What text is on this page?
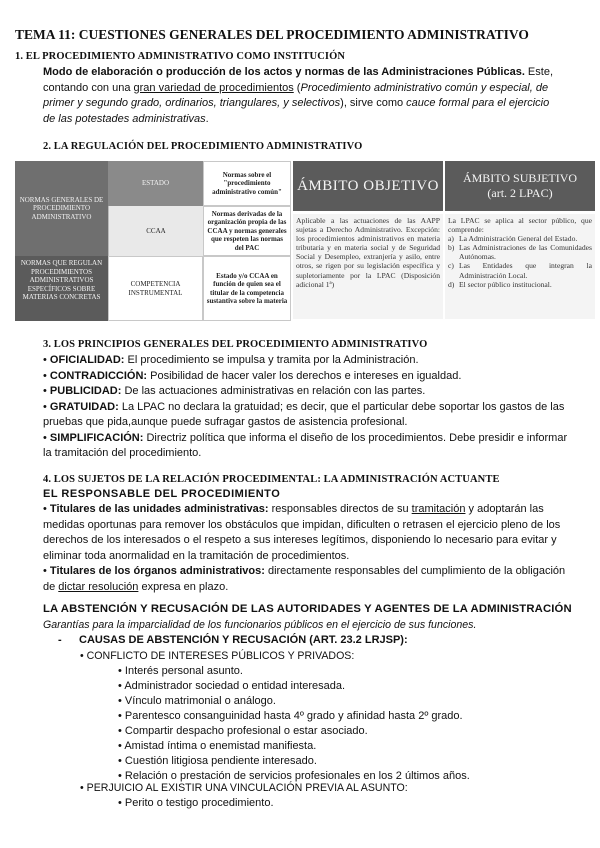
TEMA 11: CUESTIONES GENERALES DEL PROCEDIMIENTO ADMINISTRATIVO
1. EL PROCEDIMIENTO ADMINISTRATIVO COMO INSTITUCIÓN
Modo de elaboración o producción de los actos y normas de las Administraciones Públicas. Este, contando con una gran variedad de procedimientos (Procedimiento administrativo común y especial, de primer y segundo grado, ordinarios, triangulares, y selectivos), sirve como cauce formal para el ejercicio de las potestades administrativas.
2. LA REGULACIÓN DEL PROCEDIMIENTO ADMINISTRATIVO
NORMAS GENERALES DE PROCEDIMIENTO ADMINISTRATIVO
NORMAS QUE REGULAN PROCEDIMIENTOS ADMINISTRATIVOS ESPECÍFICOS SOBRE MATERIAS CONCRETAS
ESTADO
CCAA
COMPETENCIA INSTRUMENTAL
Normas sobre el "procedimiento administrativo común"
Normas derivadas de la organización propia de las CCAA y normas generales que respeten las normas del PAC
Estado y/o CCAA en función de quien sea el titular de la competencia sustantiva sobre la materia
ÁMBITO OBJETIVO ÁMBITO SUBJETIVO
(art. 2 LPAC)
Aplicable a las actuaciones de las AAPP sujetas a Derecho Administrativo. Excepción: los procedimientos administrativos en materia tributaria y en materia social y de Seguridad Social y Desempleo, extranjería y asilo, entre otros, se rigen por su legislación específica y supletoriamente por la LPAC (Disposición adicional 1ª)
La LPAC se aplica al sector público, que comprende:
a) La Administración General del Estado.
b) Las Administraciones de las Comunidades Autónomas.
c) Las Entidades que integran la Administración Local.
d) El sector público institucional.
3. LOS PRINCIPIOS GENERALES DEL PROCEDIMIENTO ADMINISTRATIVO
• OFICIALIDAD: El procedimiento se impulsa y tramita por la Administración.
• CONTRADICCIÓN: Posibilidad de hacer valer los derechos e intereses en igualdad.
• PUBLICIDAD: De las actuaciones administrativas en relación con las partes.
• GRATUIDAD: La LPAC no declara la gratuidad; es decir, que el particular debe soportar los gastos de las pruebas que pida,aunque puede sufragar gastos de asistencia profesional.
• SIMPLIFICACIÓN: Directriz política que informa el diseño de los procedimientos. Debe presidir e informar la tramitación del procedimiento.
4. LOS SUJETOS DE LA RELACIÓN PROCEDIMENTAL: LA ADMINISTRACIÓN ACTUANTE
EL RESPONSABLE DEL PROCEDIMIENTO
• Titulares de las unidades administrativas: responsables directos de su tramitación y adoptarán las medidas oportunas para remover los obstáculos que impidan, dificulten o retrasen el ejercicio pleno de los derechos de los interesados o el respeto a sus intereses legítimos, disponiendo lo necesario para evitar y eliminar toda anormalidad en la tramitación de procedimientos.
• Titulares de los órganos administrativos: directamente responsables del cumplimiento de la obligación de dictar resolución expresa en plazo.
LA ABSTENCIÓN Y RECUSACIÓN DE LAS AUTORIDADES Y AGENTES DE LA ADMINISTRACIÓN
Garantías para la imparcialidad de los funcionarios públicos en el ejercicio de sus funciones.
- CAUSAS DE ABSTENCIÓN Y RECUSACIÓN (ART. 23.2 LRJSP):
• CONFLICTO DE INTERESES PÚBLICOS Y PRIVADOS:
• Interés personal asunto.
• Administrador sociedad o entidad interesada.
• Vínculo matrimonial o análogo.
• Parentesco consanguinidad hasta 4º grado y afinidad hasta 2º grado.
• Compartir despacho profesional o estar asociado.
• Amistad íntima o enemistad manifiesta.
• Cuestión litigiosa pendiente interesado.
• Relación o prestación de servicios profesionales en los 2 últimos años.
• PERJUICIO AL EXISTIR UNA VINCULACIÓN PREVIA AL ASUNTO:
• Perito o testigo procedimiento.
